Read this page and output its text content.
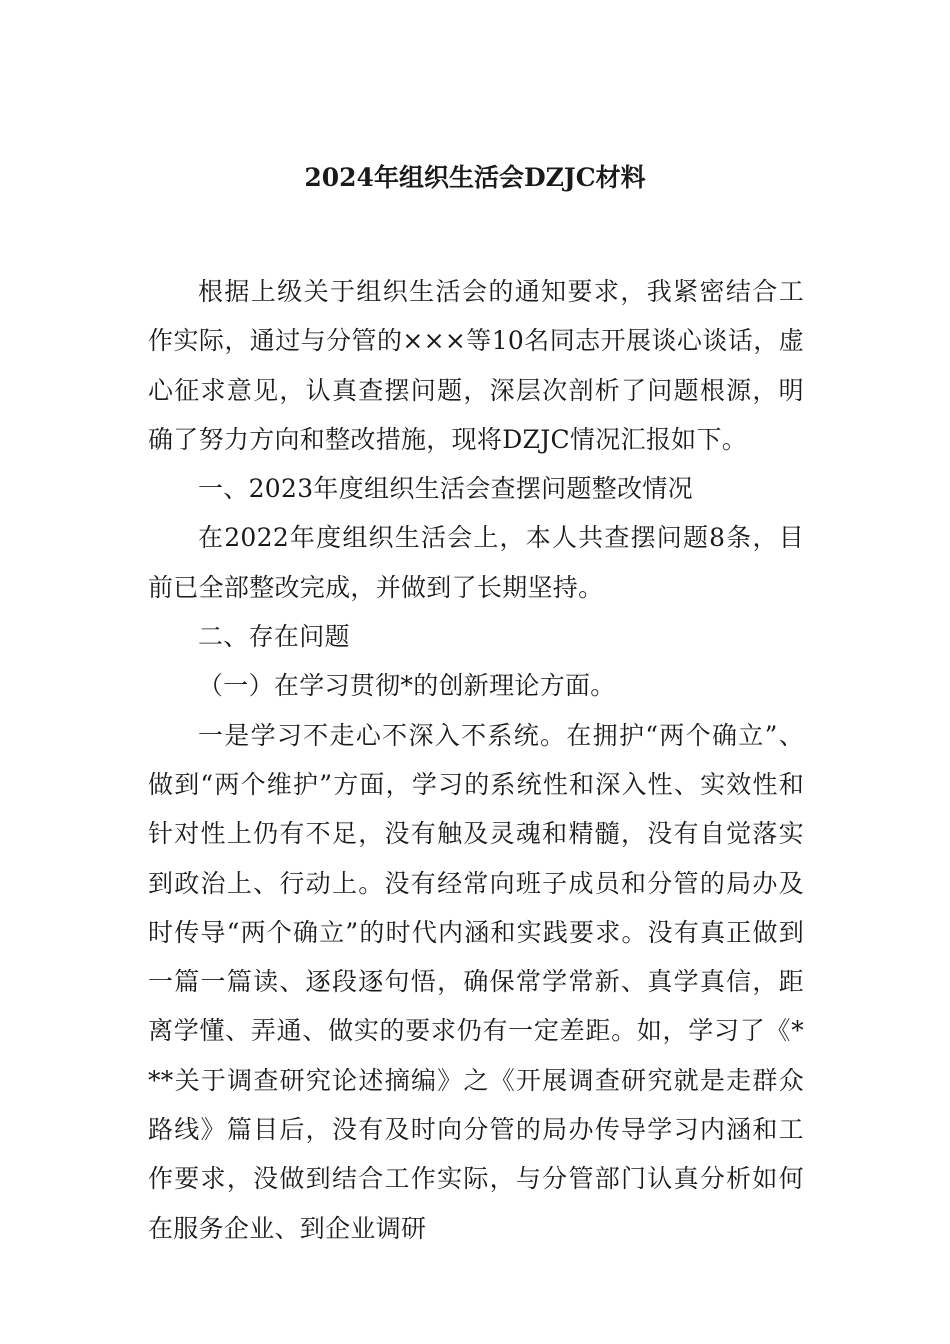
2024年组织生活会DZJC材料

根据上级关于组织生活会的通知要求，我紧密结合工作实际，通过与分管的×××等10名同志开展谈心谈话，虚心征求意见，认真查摆问题，深层次剖析了问题根源，明确了努力方向和整改措施，现将DZJC情况汇报如下。

一、2023年度组织生活会查摆问题整改情况

在2022年度组织生活会上，本人共查摆问题8条，目前已全部整改完成，并做到了长期坚持。

二、存在问题

（一）在学习贯彻*的创新理论方面。

一是学习不走心不深入不系统。在拥护“两个确立”、做到“两个维护”方面，学习的系统性和深入性、实效性和针对性上仍有不足，没有触及灵魂和精髓，没有自觉落实到政治上、行动上。没有经常向班子成员和分管的局办及时传导“两个确立”的时代内涵和实践要求。没有真正做到一篇一篇读、逐段逐句悟，确保常学常新、真学真信，距离学懂、弄通、做实的要求仍有一定差距。如，学习了《***关于调查研究论述摘编》之《开展调查研究就是走群众路线》篇目后，没有及时向分管的局办传导学习内涵和工作要求，没做到结合工作实际，与分管部门认真分析如何在服务企业、到企业调研
